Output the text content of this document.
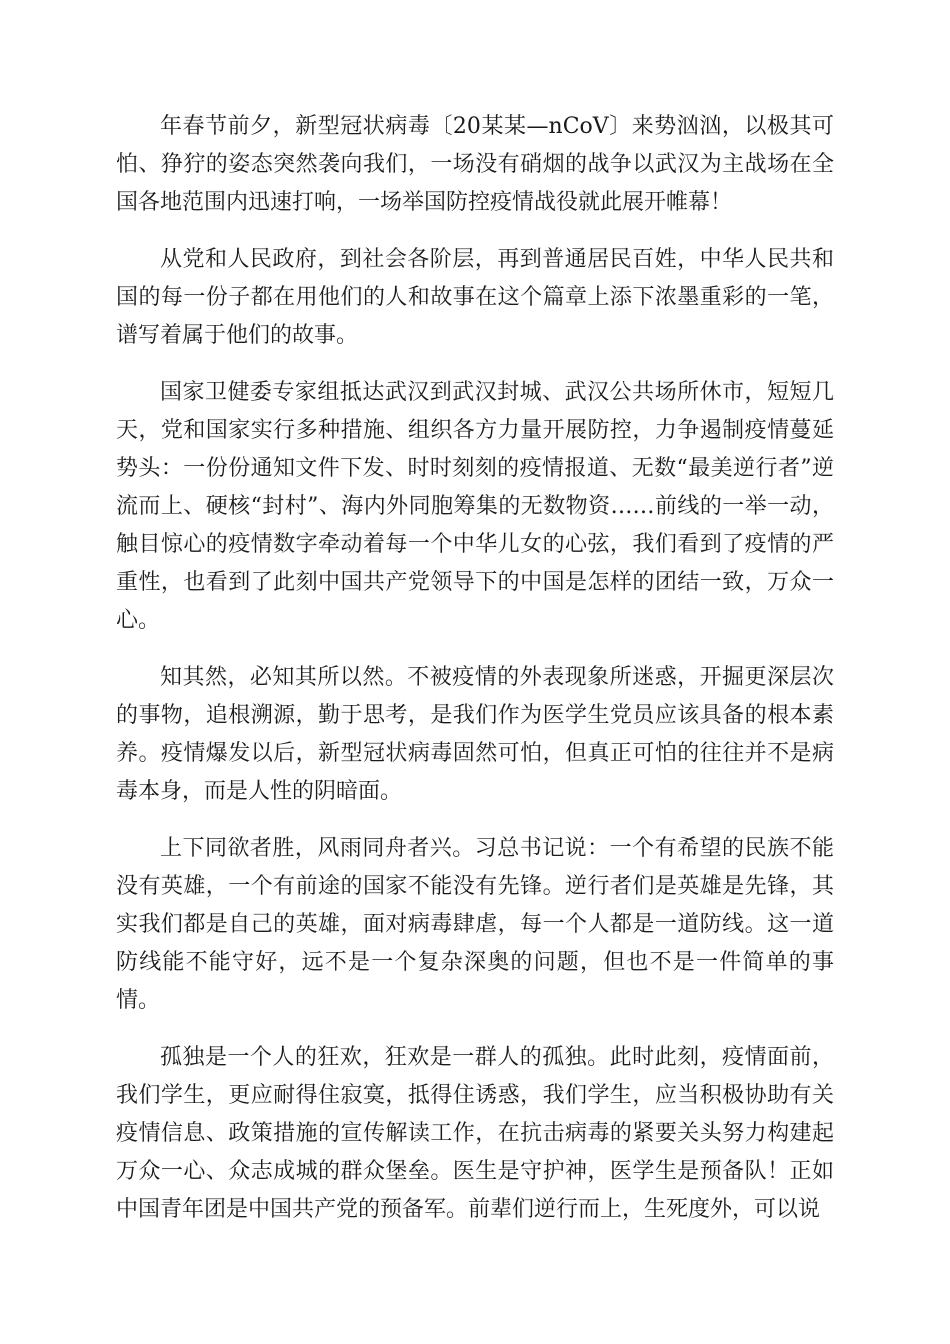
年春节前夕，新型冠状病毒〔20某某—nCoV〕来势汹汹，以极其可怕、狰狞的姿态突然袭向我们，一场没有硝烟的战争以武汉为主战场在全国各地范围内迅速打响，一场举国防控疫情战役就此展开帷幕！

从党和人民政府，到社会各阶层，再到普通居民百姓，中华人民共和国的每一份子都在用他们的人和故事在这个篇章上添下浓墨重彩的一笔，谱写着属于他们的故事。

国家卫健委专家组抵达武汉到武汉封城、武汉公共场所休市，短短几天，党和国家实行多种措施、组织各方力量开展防控，力争遏制疫情蔓延势头：一份份通知文件下发、时时刻刻的疫情报道、无数“最美逆行者”逆流而上、硬核“封村”、海内外同胞筹集的无数物资……前线的一举一动，触目惊心的疫情数字牵动着每一个中华儿女的心弦，我们看到了疫情的严重性，也看到了此刻中国共产党领导下的中国是怎样的团结一致，万众一心。

知其然，必知其所以然。不被疫情的外表现象所迷惑，开掘更深层次的事物，追根溯源，勤于思考，是我们作为医学生党员应该具备的根本素养。疫情爆发以后，新型冠状病毒固然可怕，但真正可怕的往往并不是病毒本身，而是人性的阴暗面。

上下同欲者胜，风雨同舟者兴。习总书记说：一个有希望的民族不能没有英雄，一个有前途的国家不能没有先锋。逆行者们是英雄是先锋，其实我们都是自己的英雄，面对病毒肆虐，每一个人都是一道防线。这一道防线能不能守好，远不是一个复杂深奥的问题，但也不是一件简单的事情。

孤独是一个人的狂欢，狂欢是一群人的孤独。此时此刻，疫情面前，我们学生，更应耐得住寂寞，抵得住诱惑，我们学生，应当积极协助有关疫情信息、政策措施的宣传解读工作，在抗击病毒的紧要关头努力构建起万众一心、众志成城的群众堡垒。医生是守护神，医学生是预备队！正如中国青年团是中国共产党的预备军。前辈们逆行而上，生死度外，可以说
